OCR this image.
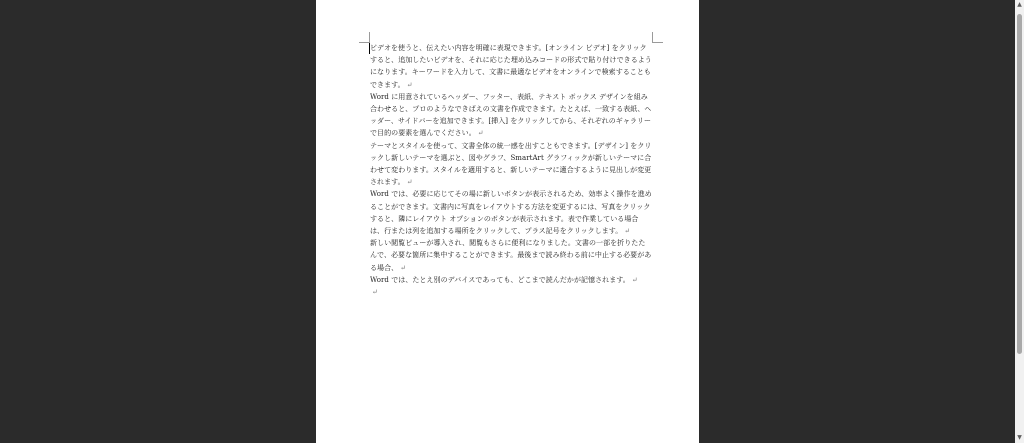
ビデオを使うと、伝えたい内容を明確に表現できます。[オンライン ビデオ] をクリックすると、追加したいビデオを、それに応じた埋め込みコードの形式で貼り付けできるようになります。キーワードを入力して、文書に最適なビデオをオンラインで検索することもできます。 ↵

Word に用意されているヘッダー、フッター、表紙、テキスト ボックス デザインを組み合わせると、プロのようなできばえの文書を作成できます。たとえば、一致する表紙、ヘッダー、サイドバーを追加できます。[挿入] をクリックしてから、それぞれのギャラリーで目的の要素を選んでください。 ↵

テーマとスタイルを使って、文書全体の統一感を出すこともできます。[デザイン] をクリックし新しいテーマを選ぶと、図やグラフ、SmartArt グラフィックが新しいテーマに合わせて変わります。スタイルを適用すると、新しいテーマに適合するように見出しが変更されます。 ↵

Word では、必要に応じてその場に新しいボタンが表示されるため、効率よく操作を進めることができます。文書内に写真をレイアウトする方法を変更するには、写真をクリックすると、隣にレイアウト オプションのボタンが表示されます。表で作業している場合は、行または列を追加する場所をクリックして、プラス記号をクリックします。 ↵

新しい閲覧ビューが導入され、閲覧もさらに便利になりました。文書の一部を折りたたんで、必要な箇所に集中することができます。最後まで読み終わる前に中止する必要がある場合、 ↵

Word では、たとえ別のデバイスであっても、どこまで読んだかが記憶されます。 ↵

↵

▲
▼
